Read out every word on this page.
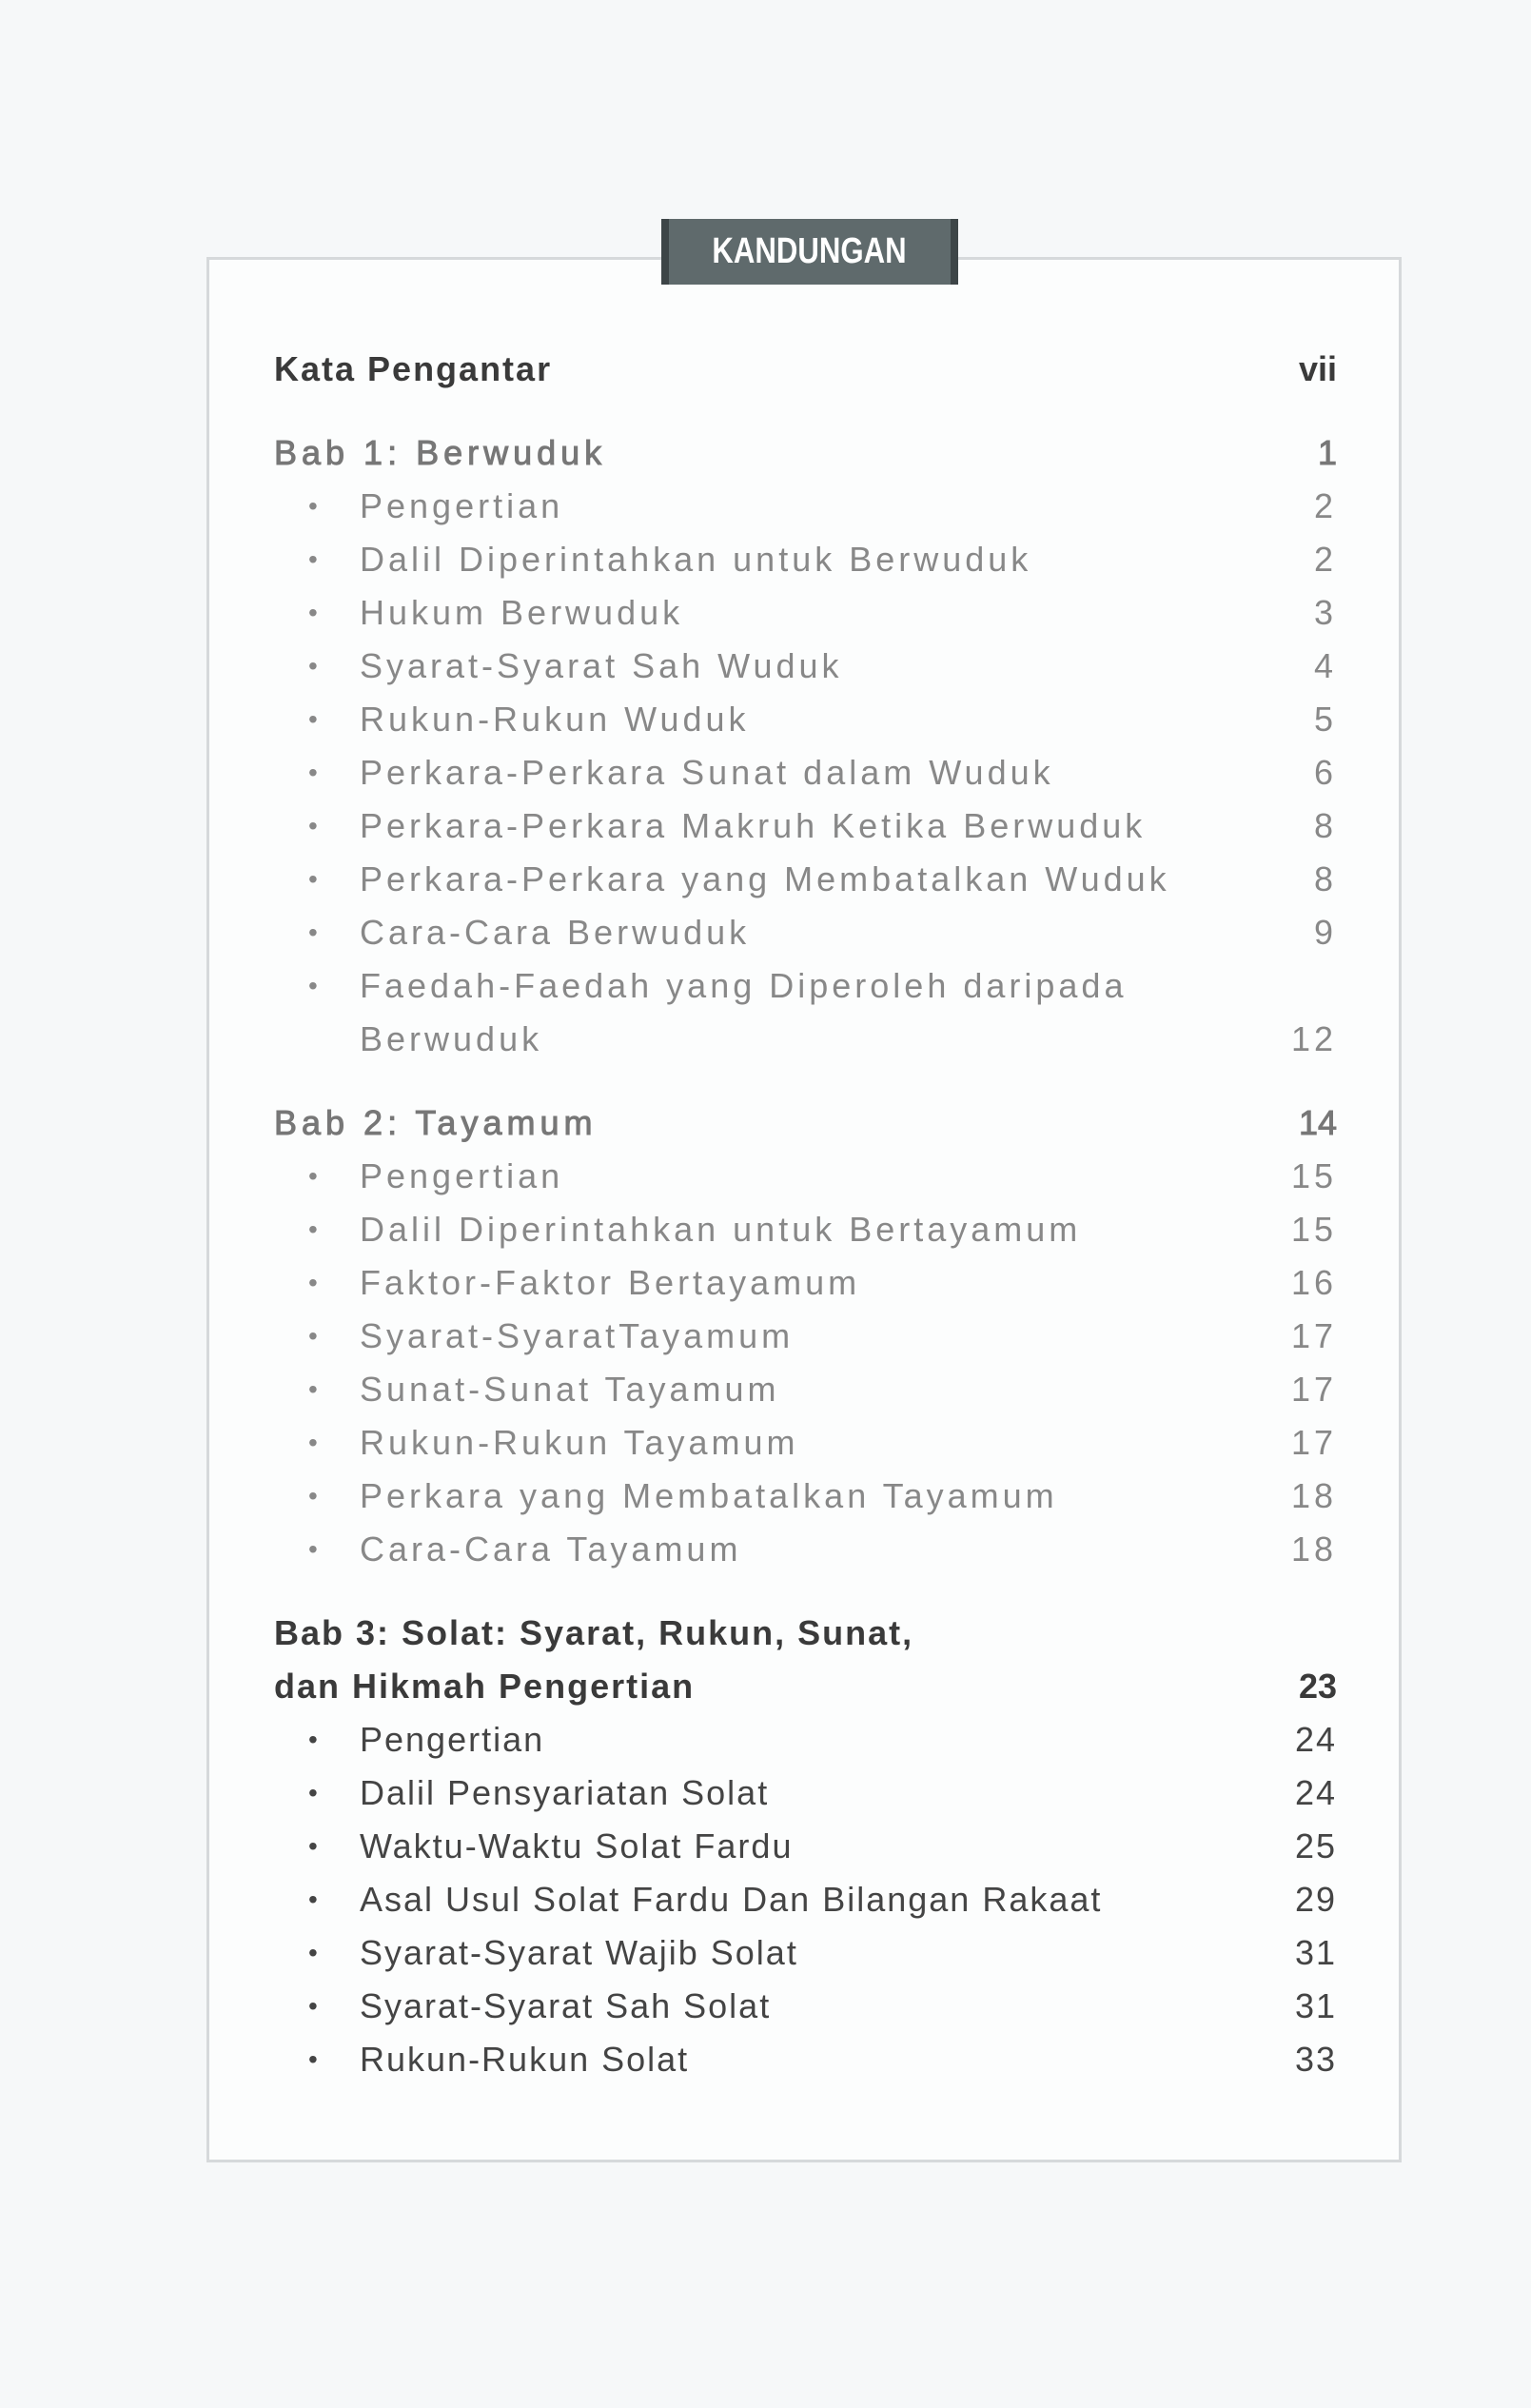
KANDUNGAN
Kata Pengantar	vii
Bab 1: Berwuduk	1
• Pengertian	2
• Dalil Diperintahkan untuk Berwuduk	2
• Hukum Berwuduk	3
• Syarat-Syarat Sah Wuduk	4
• Rukun-Rukun Wuduk	5
• Perkara-Perkara Sunat dalam Wuduk	6
• Perkara-Perkara Makruh Ketika Berwuduk	8
• Perkara-Perkara yang Membatalkan Wuduk	8
• Cara-Cara Berwuduk	9
• Faedah-Faedah yang Diperoleh daripada
Berwuduk	12
Bab 2: Tayamum	14
• Pengertian	15
• Dalil Diperintahkan untuk Bertayamum	15
• Faktor-Faktor Bertayamum	16
• Syarat-SyaratTayamum	17
• Sunat-Sunat Tayamum	17
• Rukun-Rukun Tayamum	17
• Perkara yang Membatalkan Tayamum	18
• Cara-Cara Tayamum	18
Bab 3: Solat: Syarat, Rukun, Sunat,
dan Hikmah Pengertian	23
• Pengertian	24
• Dalil Pensyariatan Solat	24
• Waktu-Waktu Solat Fardu	25
• Asal Usul Solat Fardu Dan Bilangan Rakaat	29
• Syarat-Syarat Wajib Solat	31
• Syarat-Syarat Sah Solat	31
• Rukun-Rukun Solat	33
